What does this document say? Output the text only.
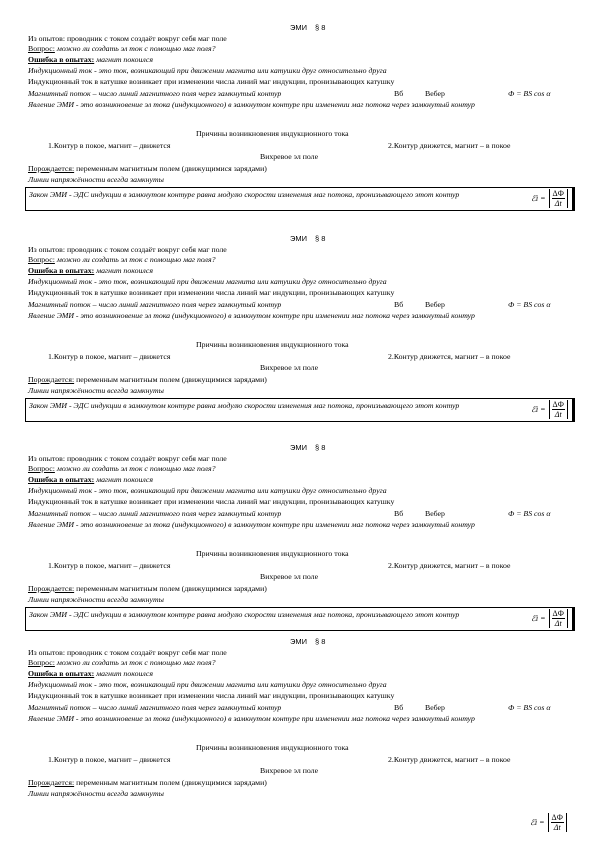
ЭМИ § 8
Из опытов: проводник с током создаёт вокруг себя маг поле
Вопрос: можно ли создать эл ток с помощью маг поля?
Ошибка в опытах: магнит покоился
Индукционный ток - это ток, возникающий при движении магнита или катушки друг относительно друга
Индукционный ток в катушке возникает при изменении числа линий маг индукции, пронизывающих катушку
Магнитный поток – число линий магнитного поля через замкнутый контур	Вб	Вебер	Ф = BS cos α
Явление ЭМИ - это возникновение эл тока (индукционного) в замкнутом контуре при изменении маг потока через замкнутый контур
Причины возникновения индукционного тока
1.Контур в покое, магнит – движется	2.Контур движется, магнит – в покое
Вихревое эл поле
Порождается: переменным магнитным полем (движущимися зарядами)
Линии напряжённости всегда замкнуты
Закон ЭМИ - ЭДС индукции в замкнутом контуре равна модулю скорости изменения маг потока, пронизывающего этот контур	ℰi = $\frac{\Delta Ф}{\Delta t}$
ЭМИ § 8
Из опытов: проводник с током создаёт вокруг себя маг поле
Вопрос: можно ли создать эл ток с помощью маг поля?
Ошибка в опытах: магнит покоился
Индукционный ток - это ток, возникающий при движении магнита или катушки друг относительно друга
Индукционный ток в катушке возникает при изменении числа линий маг индукции, пронизывающих катушку
Магнитный поток – число линий магнитного поля через замкнутый контур	Вб	Вебер	Ф = BS cos α
Явление ЭМИ - это возникновение эл тока (индукционного) в замкнутом контуре при изменении маг потока через замкнутый контур
Причины возникновения индукционного тока
1.Контур в покое, магнит – движется	2.Контур движется, магнит – в покое
Вихревое эл поле
Порождается: переменным магнитным полем (движущимися зарядами)
Линии напряжённости всегда замкнуты
Закон ЭМИ - ЭДС индукции в замкнутом контуре равна модулю скорости изменения маг потока, пронизывающего этот контур	ℰi = $\frac{\Delta Ф}{\Delta t}$
ЭМИ § 8
Из опытов: проводник с током создаёт вокруг себя маг поле
Вопрос: можно ли создать эл ток с помощью маг поля?
Ошибка в опытах: магнит покоился
Индукционный ток - это ток, возникающий при движении магнита или катушки друг относительно друга
Индукционный ток в катушке возникает при изменении числа линий маг индукции, пронизывающих катушку
Магнитный поток – число линий магнитного поля через замкнутый контур	Вб	Вебер	Ф = BS cos α
Явление ЭМИ - это возникновение эл тока (индукционного) в замкнутом контуре при изменении маг потока через замкнутый контур
Причины возникновения индукционного тока
1.Контур в покое, магнит – движется	2.Контур движется, магнит – в покое
Вихревое эл поле
Порождается: переменным магнитным полем (движущимися зарядами)
Линии напряжённости всегда замкнуты
Закон ЭМИ - ЭДС индукции в замкнутом контуре равна модулю скорости изменения маг потока, пронизывающего этот контур	ℰi = $\frac{\Delta Ф}{\Delta t}$
ЭМИ § 8
Из опытов: проводник с током создаёт вокруг себя маг поле
Вопрос: можно ли создать эл ток с помощью маг поля?
Ошибка в опытах: магнит покоился
Индукционный ток - это ток, возникающий при движении магнита или катушки друг относительно друга
Индукционный ток в катушке возникает при изменении числа линий маг индукции, пронизывающих катушку
Магнитный поток – число линий магнитного поля через замкнутый контур	Вб	Вебер	Ф = BS cos α
Явление ЭМИ - это возникновение эл тока (индукционного) в замкнутом контуре при изменении маг потока через замкнутый контур
Причины возникновения индукционного тока
1.Контур в покое, магнит – движется	2.Контур движется, магнит – в покое
Вихревое эл поле
Порождается: переменным магнитным полем (движущимися зарядами)
Линии напряжённости всегда замкнуты
ℰi = $\frac{\Delta Ф}{\Delta t}$
